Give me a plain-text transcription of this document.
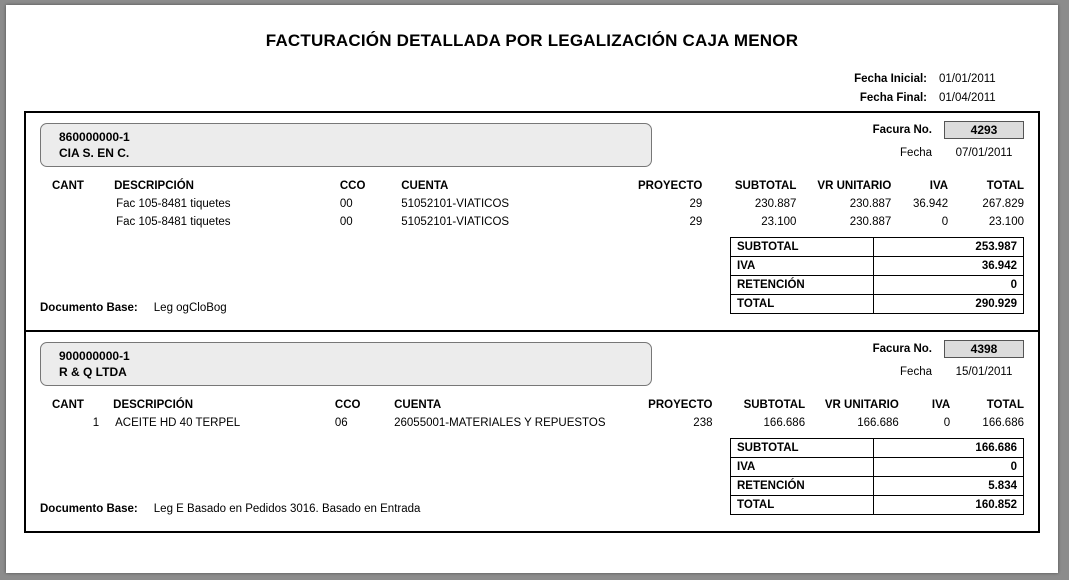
FACTURACIÓN DETALLADA POR LEGALIZACIÓN CAJA MENOR
Fecha Inicial:	01/01/2011
Fecha Final:	01/04/2011
860000000-1
CIA S. EN C.
Facura No.	4293
Fecha	07/01/2011
CANT	DESCRIPCIÓN	CCO	CUENTA	PROYECTO	SUBTOTAL	VR UNITARIO	IVA	TOTAL
	Fac 105-8481 tiquetes	00	51052101-VIATICOS	29	230.887	230.887	36.942	267.829
	Fac 105-8481 tiquetes	00	51052101-VIATICOS	29	23.100	230.887	0	23.100
SUBTOTAL	253.987
IVA	36.942
RETENCIÓN	0
TOTAL	290.929
Documento Base: Leg ogCloBog
900000000-1
R & Q LTDA
Facura No.	4398
Fecha	15/01/2011
CANT	DESCRIPCIÓN	CCO	CUENTA	PROYECTO	SUBTOTAL	VR UNITARIO	IVA	TOTAL
1	ACEITE HD 40 TERPEL	06	26055001-MATERIALES Y REPUESTOS	238	166.686	166.686	0	166.686
SUBTOTAL	166.686
IVA	0
RETENCIÓN	5.834
TOTAL	160.852
Documento Base: Leg E Basado en Pedidos 3016. Basado en Entrada
